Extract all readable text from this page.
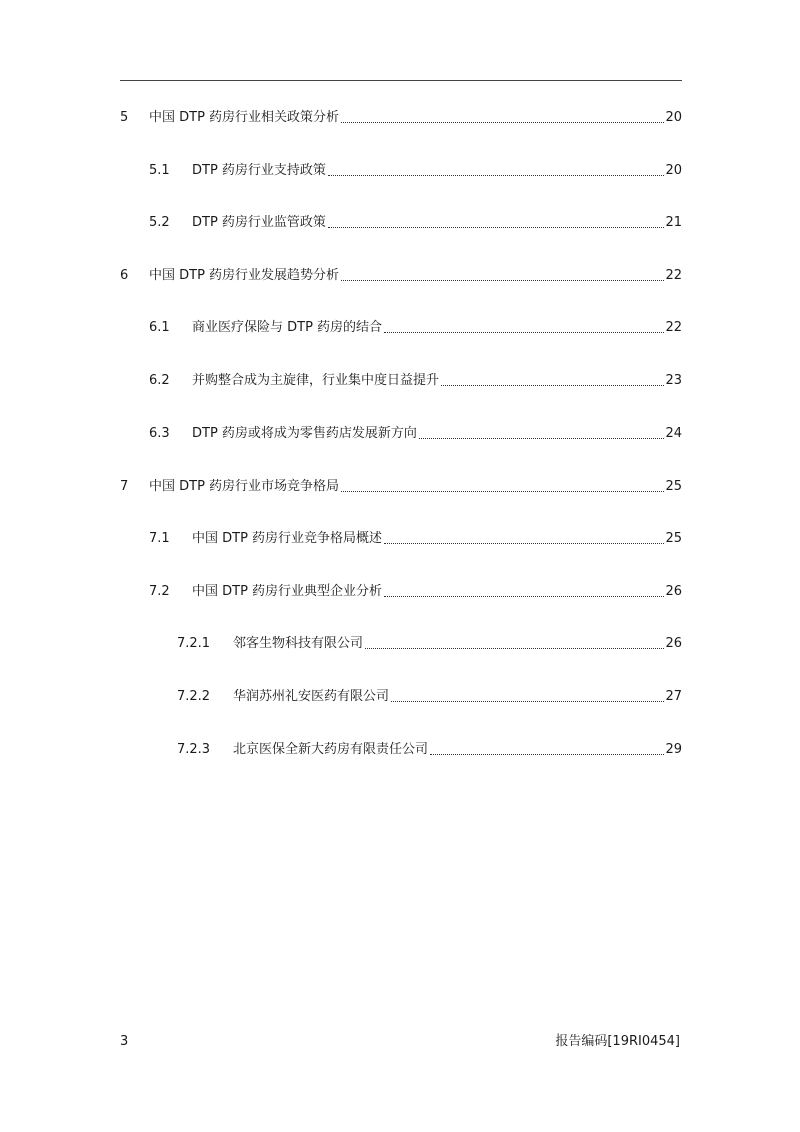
5 中国 DTP 药房行业相关政策分析	20
5.1 DTP 药房行业支持政策	20
5.2 DTP 药房行业监管政策	21
6 中国 DTP 药房行业发展趋势分析	22
6.1 商业医疗保险与 DTP 药房的结合	22
6.2 并购整合成为主旋律，行业集中度日益提升	23
6.3 DTP 药房或将成为零售药店发展新方向	24
7 中国 DTP 药房行业市场竞争格局	25
7.1 中国 DTP 药房行业竞争格局概述	25
7.2 中国 DTP 药房行业典型企业分析	26
7.2.1 邻客生物科技有限公司	26
7.2.2 华润苏州礼安医药有限公司	27
7.2.3 北京医保全新大药房有限责任公司	29
3	报告编码[19RI0454]
